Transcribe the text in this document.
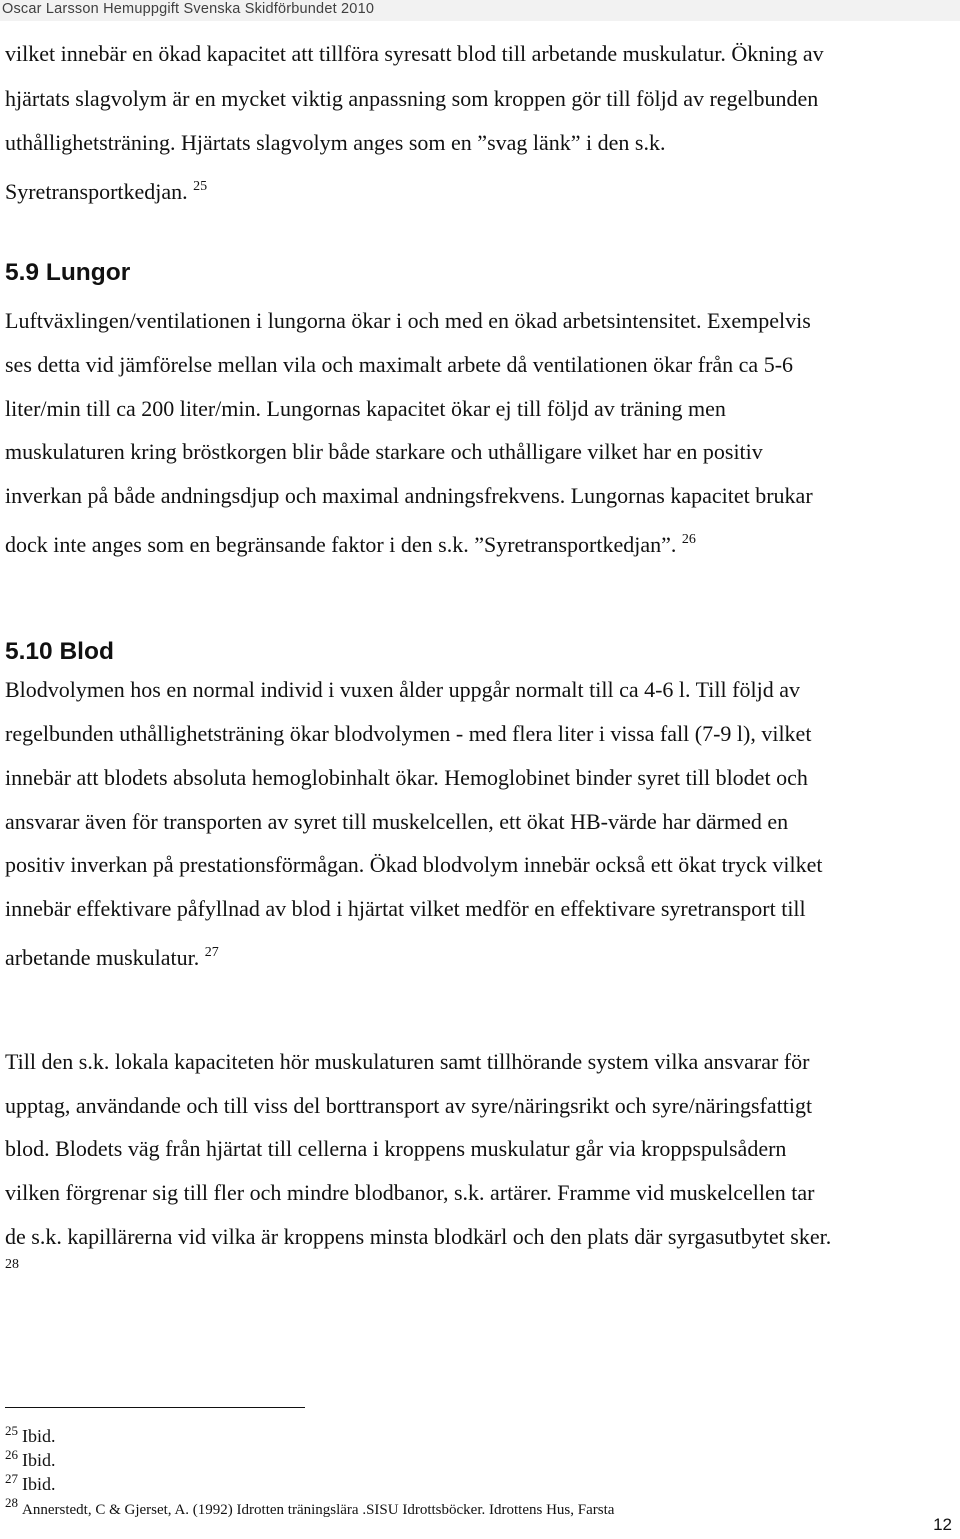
Oscar Larsson Hemuppgift Svenska Skidförbundet 2010
vilket innebär en ökad kapacitet att tillföra syresatt blod till arbetande muskulatur. Ökning av
hjärtats slagvolym är en mycket viktig anpassning som kroppen gör till följd av regelbunden
uthållighetsträning. Hjärtats slagvolym anges som en ”svag länk” i den s.k.
Syretransportkedjan. $^{25}$
5.9 Lungor
Luftväxlingen/ventilationen i lungorna ökar i och med en ökad arbetsintensitet. Exempelvis
ses detta vid jämförelse mellan vila och maximalt arbete då ventilationen ökar från ca 5-6
liter/min till ca 200 liter/min. Lungornas kapacitet ökar ej till följd av träning men
muskulaturen kring bröstkorgen blir både starkare och uthålligare vilket har en positiv
inverkan på både andningsdjup och maximal andningsfrekvens. Lungornas kapacitet brukar
dock inte anges som en begränsande faktor i den s.k. ”Syretransportkedjan”. $^{26}$
5.10 Blod
Blodvolymen hos en normal individ i vuxen ålder uppgår normalt till ca 4-6 l. Till följd av
regelbunden uthållighetsträning ökar blodvolymen - med flera liter i vissa fall (7-9 l), vilket
innebär att blodets absoluta hemoglobinhalt ökar. Hemoglobinet binder syret till blodet och
ansvarar även för transporten av syret till muskelcellen, ett ökat HB-värde har därmed en
positiv inverkan på prestationsförmågan. Ökad blodvolym innebär också ett ökat tryck vilket
innebär effektivare påfyllnad av blod i hjärtat vilket medför en effektivare syretransport till
arbetande muskulatur. $^{27}$
Till den s.k. lokala kapaciteten hör muskulaturen samt tillhörande system vilka ansvarar för
upptag, användande och till viss del borttransport av syre/näringsrikt och syre/näringsfattigt
blod. Blodets väg från hjärtat till cellerna i kroppens muskulatur går via kroppspulsådern
vilken förgrenar sig till fler och mindre blodbanor, s.k. artärer. Framme vid muskelcellen tar
de s.k. kapillärerna vid vilka är kroppens minsta blodkärl och den plats där syrgasutbytet sker.
28
$^{25}$ Ibid.
$^{26}$ Ibid.
$^{27}$ Ibid.
$^{28}$ Annerstedt, C & Gjerset, A. (1992) Idrotten träningslära .SISU Idrottsböcker. Idrottens Hus, Farsta
12
